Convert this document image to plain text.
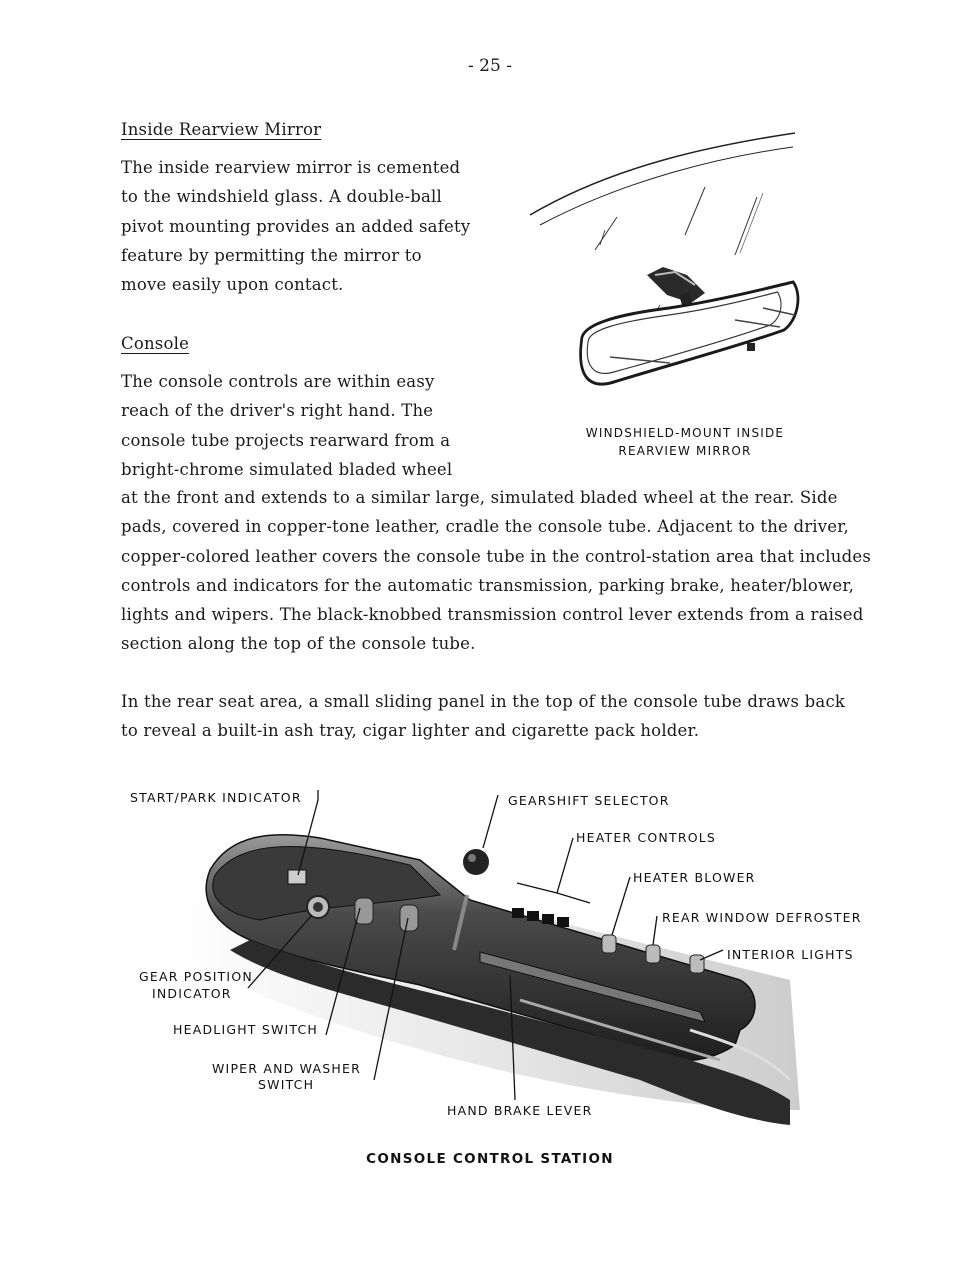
- 25 -
Inside Rearview Mirror
The inside rearview mirror is cemented
to the windshield glass. A double-ball
pivot mounting provides an added safety
feature by permitting the mirror to
move easily upon contact.
WINDSHIELD-MOUNT INSIDE
REARVIEW MIRROR
Console
The console controls are within easy
reach of the driver's right hand. The
console tube projects rearward from a
bright-chrome simulated bladed wheel
at the front and extends to a similar large, simulated bladed wheel at the rear. Side
pads, covered in copper-tone leather, cradle the console tube. Adjacent to the driver,
copper-colored leather covers the console tube in the control-station area that includes
controls and indicators for the automatic transmission, parking brake, heater/blower,
lights and wipers. The black-knobbed transmission control lever extends from a raised
section along the top of the console tube.
In the rear seat area, a small sliding panel in the top of the console tube draws back
to reveal a built-in ash tray, cigar lighter and cigarette pack holder.
START/PARK INDICATOR	GEARSHIFT SELECTOR
HEATER CONTROLS
HEATER BLOWER
REAR WINDOW DEFROSTER
INTERIOR LIGHTS
GEAR POSITION
INDICATOR
HEADLIGHT SWITCH
WIPER AND WASHER
SWITCH
HAND BRAKE LEVER
CONSOLE CONTROL STATION
